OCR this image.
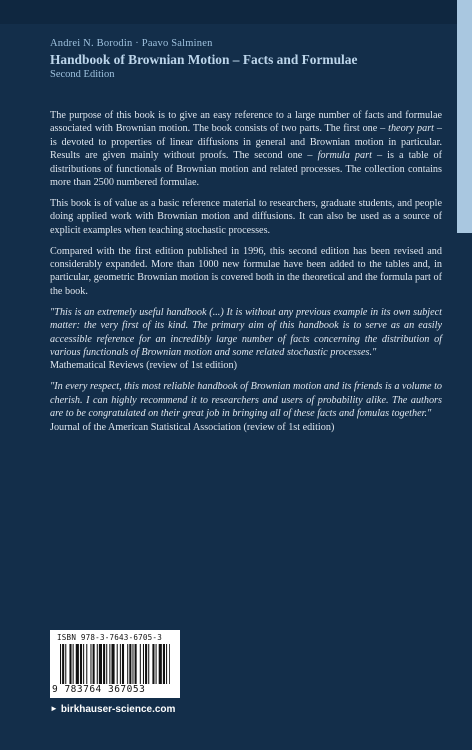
Andrei N. Borodin · Paavo Salminen
Handbook of Brownian Motion – Facts and Formulae
Second Edition

The purpose of this book is to give an easy reference to a large number of facts and formulae associated with Brownian motion. The book consists of two parts. The first one – theory part – is devoted to properties of linear diffusions in general and Brownian motion in particular. Results are given mainly without proofs. The second one – formula part – is a table of distributions of functionals of Brownian motion and related processes. The collection contains more than 2500 numbered formulae.

This book is of value as a basic reference material to researchers, graduate students, and people doing applied work with Brownian motion and diffusions. It can also be used as a source of explicit examples when teaching stochastic processes.

Compared with the first edition published in 1996, this second edition has been revised and considerably expanded. More than 1000 new formulae have been added to the tables and, in particular, geometric Brownian motion is covered both in the theoretical and the formula part of the book.

"This is an extremely useful handbook (...) It is without any previous example in its own subject matter: the very first of its kind. The primary aim of this handbook is to serve as an easily accessible reference for an incredibly large number of facts concerning the distribution of various functionals of Brownian motion and some related stochastic processes."

Mathematical Reviews (review of 1st edition)

"In every respect, this most reliable handbook of Brownian motion and its friends is a volume to cherish. I can highly recommend it to researchers and users of probability alike. The authors are to be congratulated on their great job in bringing all of these facts and fomulas together."

Journal of the American Statistical Association (review of 1st edition)

ISBN 978-3-7643-6705-3
9 783764 367053
► birkhauser-science.com
